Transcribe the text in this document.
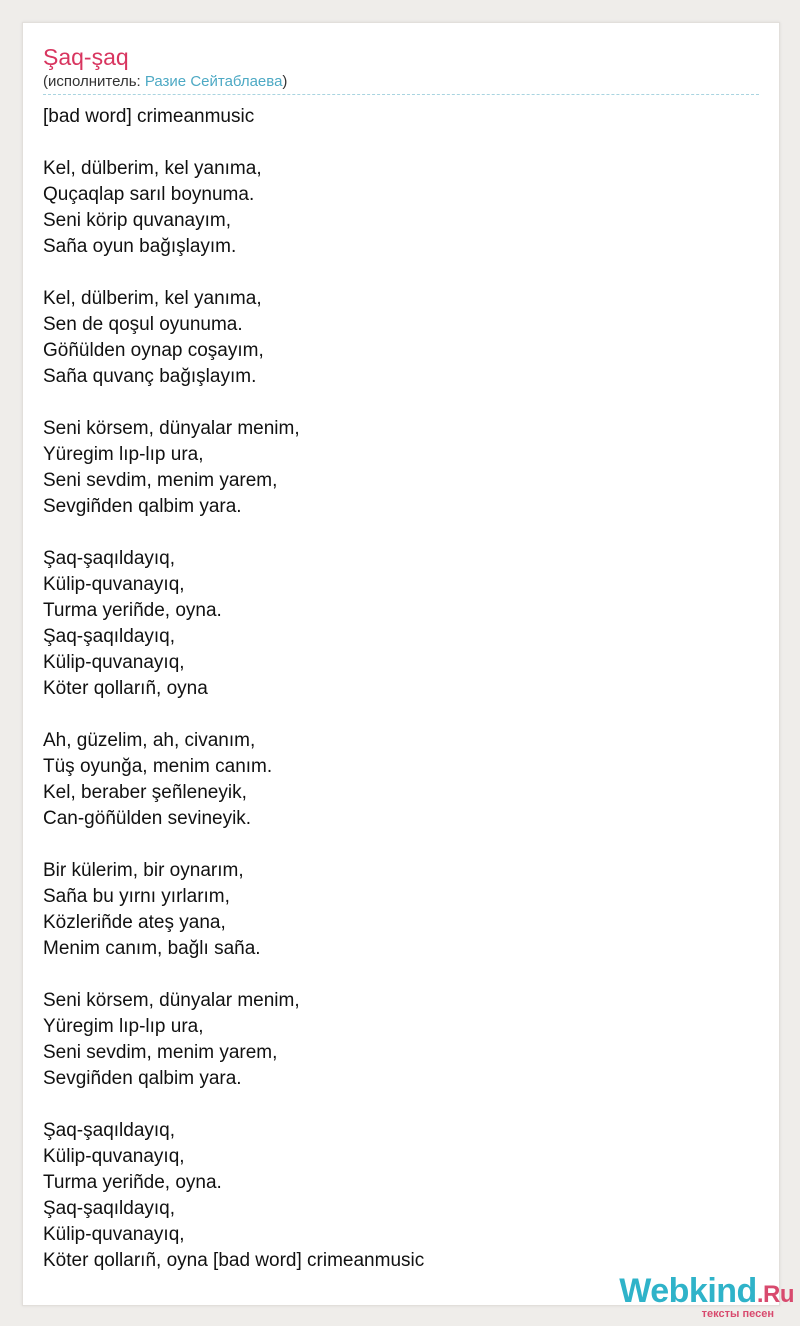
Şaq-şaq
(исполнитель: Разие Сейтаблаева)
[bad word] crimeanmusic
Kel, dülberim, kel yanıma,
Quçaqlap sarıl boynuma.
Seni körip quvanayım,
Saña oyun bağışlayım.
Kel, dülberim, kel yanıma,
Sen de qoşul oyunuma.
Göñülden oynap coşayım,
Saña quvanç bağışlayım.
Seni körsem, dünyalar menim,
Yüregim lıp-lıp ura,
Seni sevdim, menim yarem,
Sevgiñden qalbim yara.
Şaq-şaqıldayıq,
Külip-quvanayıq,
Turma yeriñde, oyna.
Şaq-şaqıldayıq,
Külip-quvanayıq,
Köter qollarıñ, oyna
Ah, güzelim, ah, civanım,
Tüş oyunğa, menim canım.
Kel, beraber şeñleneyik,
Can-göñülden sevineyik.
Bir külerim, bir oynarım,
Saña bu yırnı yırlarım,
Közleriñde ateş yana,
Menim canım, bağlı saña.
Seni körsem, dünyalar menim,
Yüregim lıp-lıp ura,
Seni sevdim, menim yarem,
Sevgiñden qalbim yara.
Şaq-şaqıldayıq,
Külip-quvanayıq,
Turma yeriñde, oyna.
Şaq-şaqıldayıq,
Külip-quvanayıq,
Köter qollarıñ, oyna [bad word] crimeanmusic
Webkind.Ru
тексты песен
